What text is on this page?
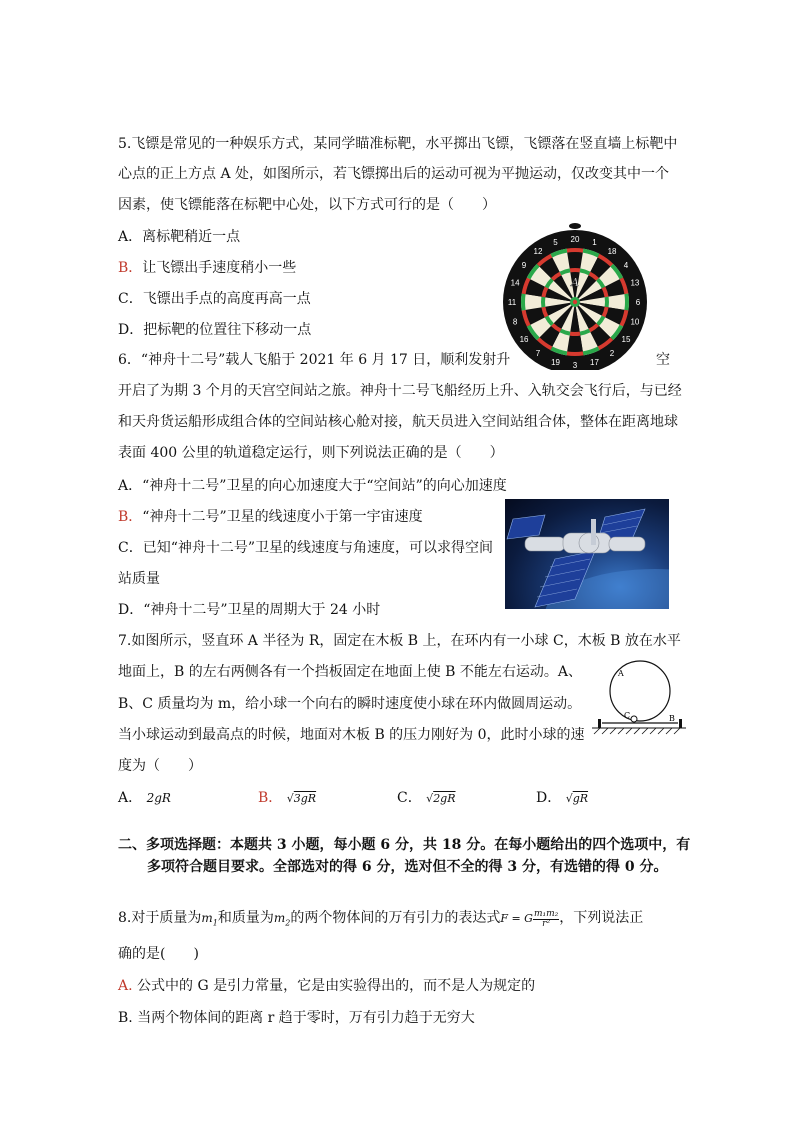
5.飞镖是常见的一种娱乐方式，某同学瞄准标靶，水平掷出飞镖，飞镖落在竖直墙上标靶中
心点的正上方点 A 处，如图所示，若飞镖掷出后的运动可视为平抛运动，仅改变其中一个
因素，使飞镖能落在标靶中心处，以下方式可行的是（　　）
A．离标靶稍近一点
B．让飞镖出手速度稍小一些
C．飞镖出手点的高度再高一点
D．把标靶的位置往下移动一点
20 1
18
4
13
6
10
15
2
17
3
19
7
16
8
11
14
9
12
5
A
6．“神舟十二号”载人飞船于 2021 年 6 月 17 日，顺利发射升	空
开启了为期 3 个月的天宫空间站之旅。神舟十二号飞船经历上升、入轨交会飞行后，与已经
和天舟货运船形成组合体的空间站核心舱对接，航天员进入空间站组合体，整体在距离地球
表面 400 公里的轨道稳定运行，则下列说法正确的是（　　）
A．“神舟十二号”卫星的向心加速度大于“空间站”的向心加速度
B．“神舟十二号”卫星的线速度小于第一宇宙速度
C．已知“神舟十二号”卫星的线速度与角速度，可以求得空间
站质量
D．“神舟十二号”卫星的周期大于 24 小时
7.如图所示，竖直环 A 半径为 R，固定在木板 B 上，在环内有一小球 C，木板 B 放在水平
地面上，B 的左右两侧各有一个挡板固定在地面上使 B 不能左右运动。A、
B、C 质量均为 m，给小球一个向右的瞬时速度使小球在环内做圆周运动。
当小球运动到最高点的时候，地面对木板 B 的压力刚好为 0，此时小球的速
度为（　　）
A
C	B
A． 2gR	B． √3gR	C． √2gR	D． √gR
二、多项选择题：本题共 3 小题，每小题 6 分，共 18 分。在每小题给出的四个选项中，有
多项符合题目要求。全部选对的得 6 分，选对但不全的得 3 分，有选错的得 0 分。
8.对于质量为$m_1$和质量为$m_2$的两个物体间的万有引力的表达式F = G $\frac{\text{m₁m₂}}{\text{r²}}$ ，下列说法正
确的是(　　)
A. 公式中的 G 是引力常量，它是由实验得出的，而不是人为规定的
B. 当两个物体间的距离 r 趋于零时，万有引力趋于无穷大
